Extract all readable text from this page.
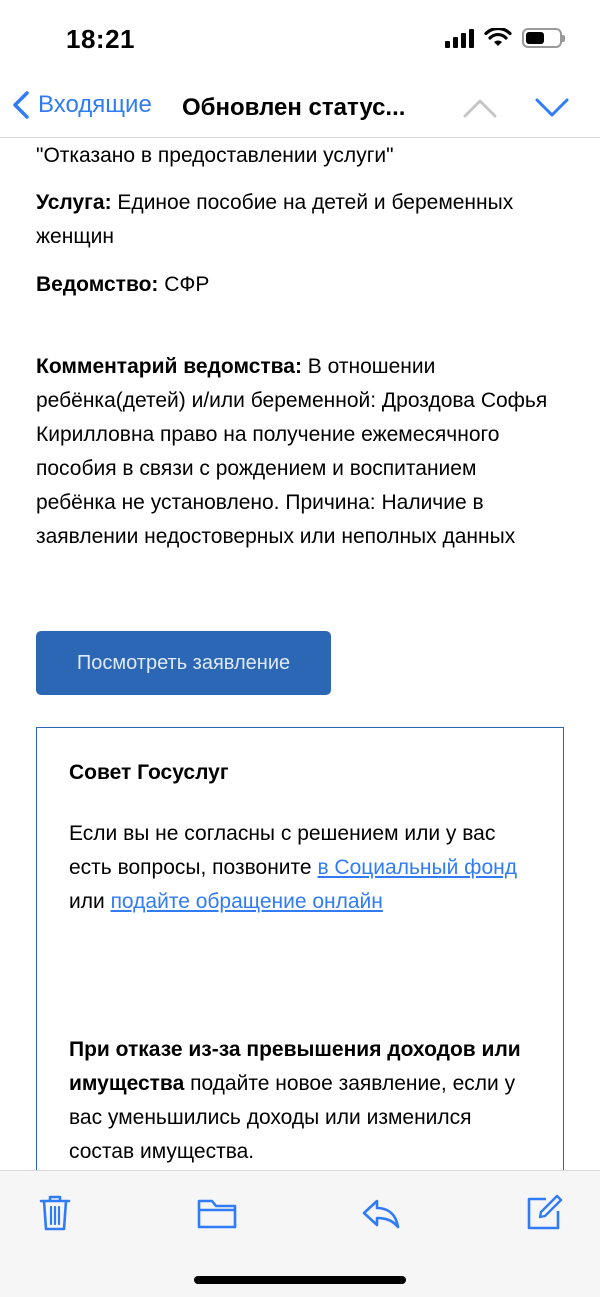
18:21
Входящие Обновлен статус...
"Отказано в предоставлении услуги"
Услуга: Единое пособие на детей и беременных женщин
Ведомство: СФР
Комментарий ведомства: В отношении ребёнка(детей) и/или беременной: Дроздова Софья Кирилловна право на получение ежемесячного пособия в связи с рождением и воспитанием ребёнка не установлено. Причина: Наличие в заявлении недостоверных или неполных данных
Посмотреть заявление
Совет Госуслуг
Если вы не согласны с решением или у вас есть вопросы, позвоните в Социальный фонд или подайте обращение онлайн
При отказе из-за превышения доходов или имущества подайте новое заявление, если у вас уменьшились доходы или изменился состав имущества.
